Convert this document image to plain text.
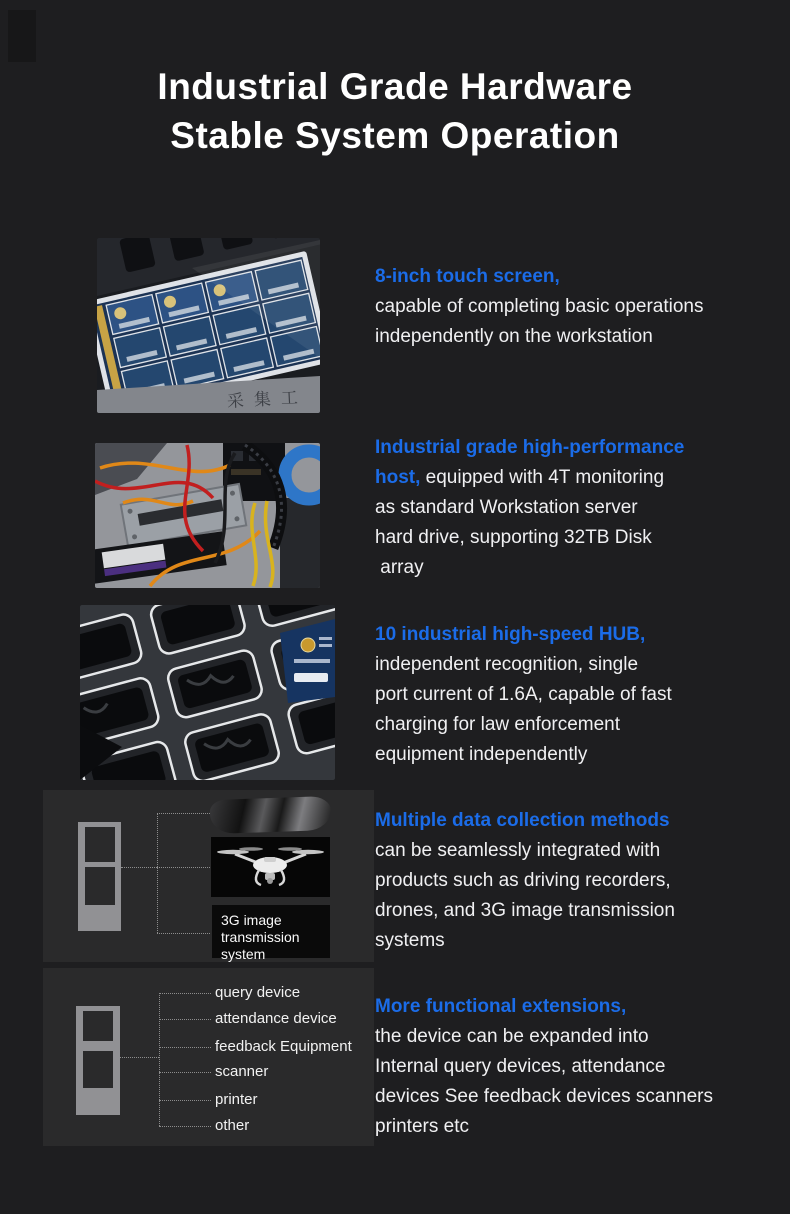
Industrial Grade Hardware
Stable System Operation
采集工
8-inch touch screen,
capable of completing basic operations
independently on the workstation
Industrial grade high-performance
host, equipped with 4T monitoring
as standard Workstation server
hard drive, supporting 32TB Disk
array
10 industrial high-speed HUB,
independent recognition, single
port current of 1.6A, capable of fast
charging for law enforcement
equipment independently
3G image transmission system
Multiple data collection methods
can be seamlessly integrated with
products such as driving recorders,
drones, and 3G image transmission
systems
query device
attendance device
feedback Equipment
scanner
printer
other
More functional extensions,
the device can be expanded into
Internal query devices, attendance
devices See feedback devices scanners
printers etc
